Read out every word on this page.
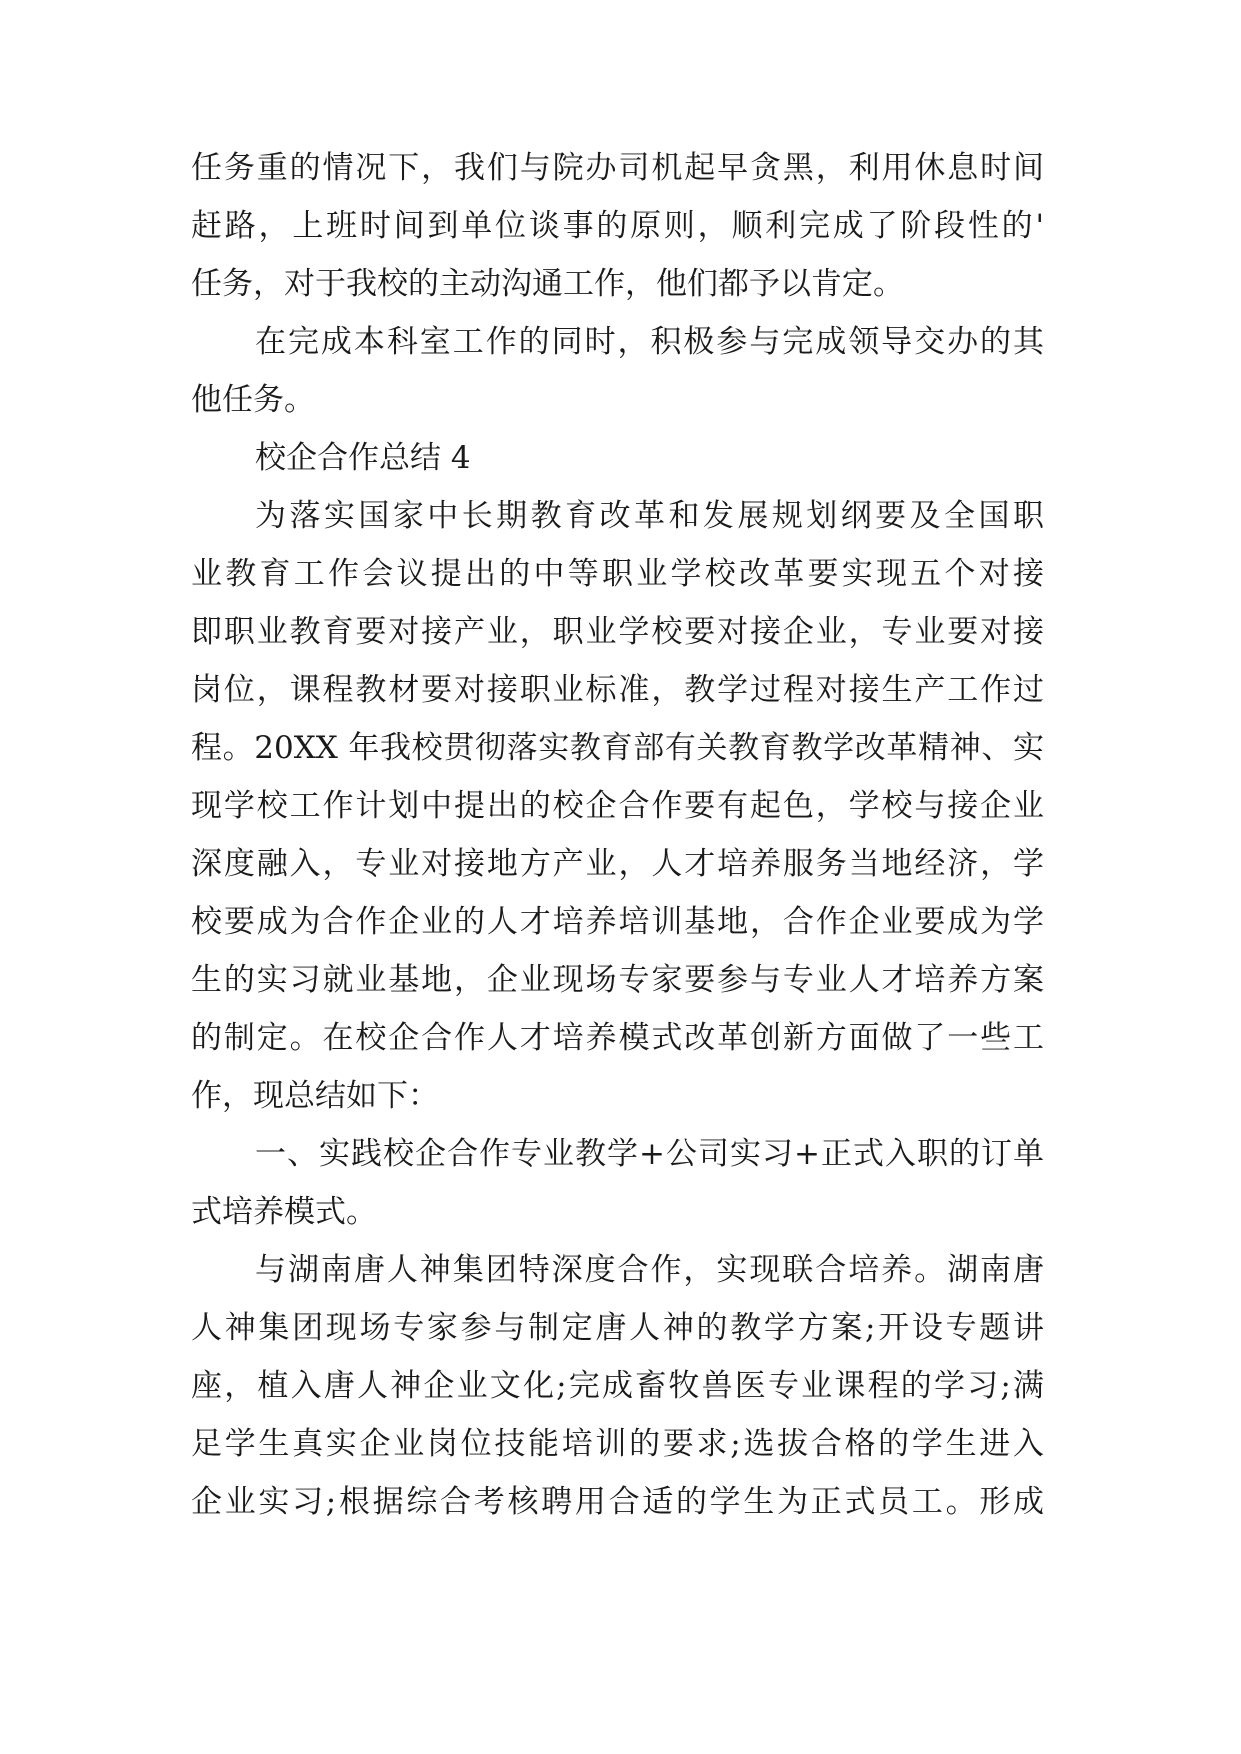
任务重的情况下，我们与院办司机起早贪黑，利用休息时间
赶路，上班时间到单位谈事的原则，顺利完成了阶段性的'
任务，对于我校的主动沟通工作，他们都予以肯定。
在完成本科室工作的同时，积极参与完成领导交办的其
他任务。
校企合作总结 4
为落实国家中长期教育改革和发展规划纲要及全国职
业教育工作会议提出的中等职业学校改革要实现五个对接
即职业教育要对接产业，职业学校要对接企业，专业要对接
岗位，课程教材要对接职业标准，教学过程对接生产工作过
程。20XX 年我校贯彻落实教育部有关教育教学改革精神、实
现学校工作计划中提出的校企合作要有起色，学校与接企业
深度融入，专业对接地方产业，人才培养服务当地经济，学
校要成为合作企业的人才培养培训基地，合作企业要成为学
生的实习就业基地，企业现场专家要参与专业人才培养方案
的制定。在校企合作人才培养模式改革创新方面做了一些工
作，现总结如下：
一、实践校企合作专业教学+公司实习+正式入职的订单
式培养模式。
与湖南唐人神集团特深度合作，实现联合培养。湖南唐
人神集团现场专家参与制定唐人神的教学方案;开设专题讲
座，植入唐人神企业文化;完成畜牧兽医专业课程的学习;满
足学生真实企业岗位技能培训的要求;选拔合格的学生进入
企业实习;根据综合考核聘用合适的学生为正式员工。形成
